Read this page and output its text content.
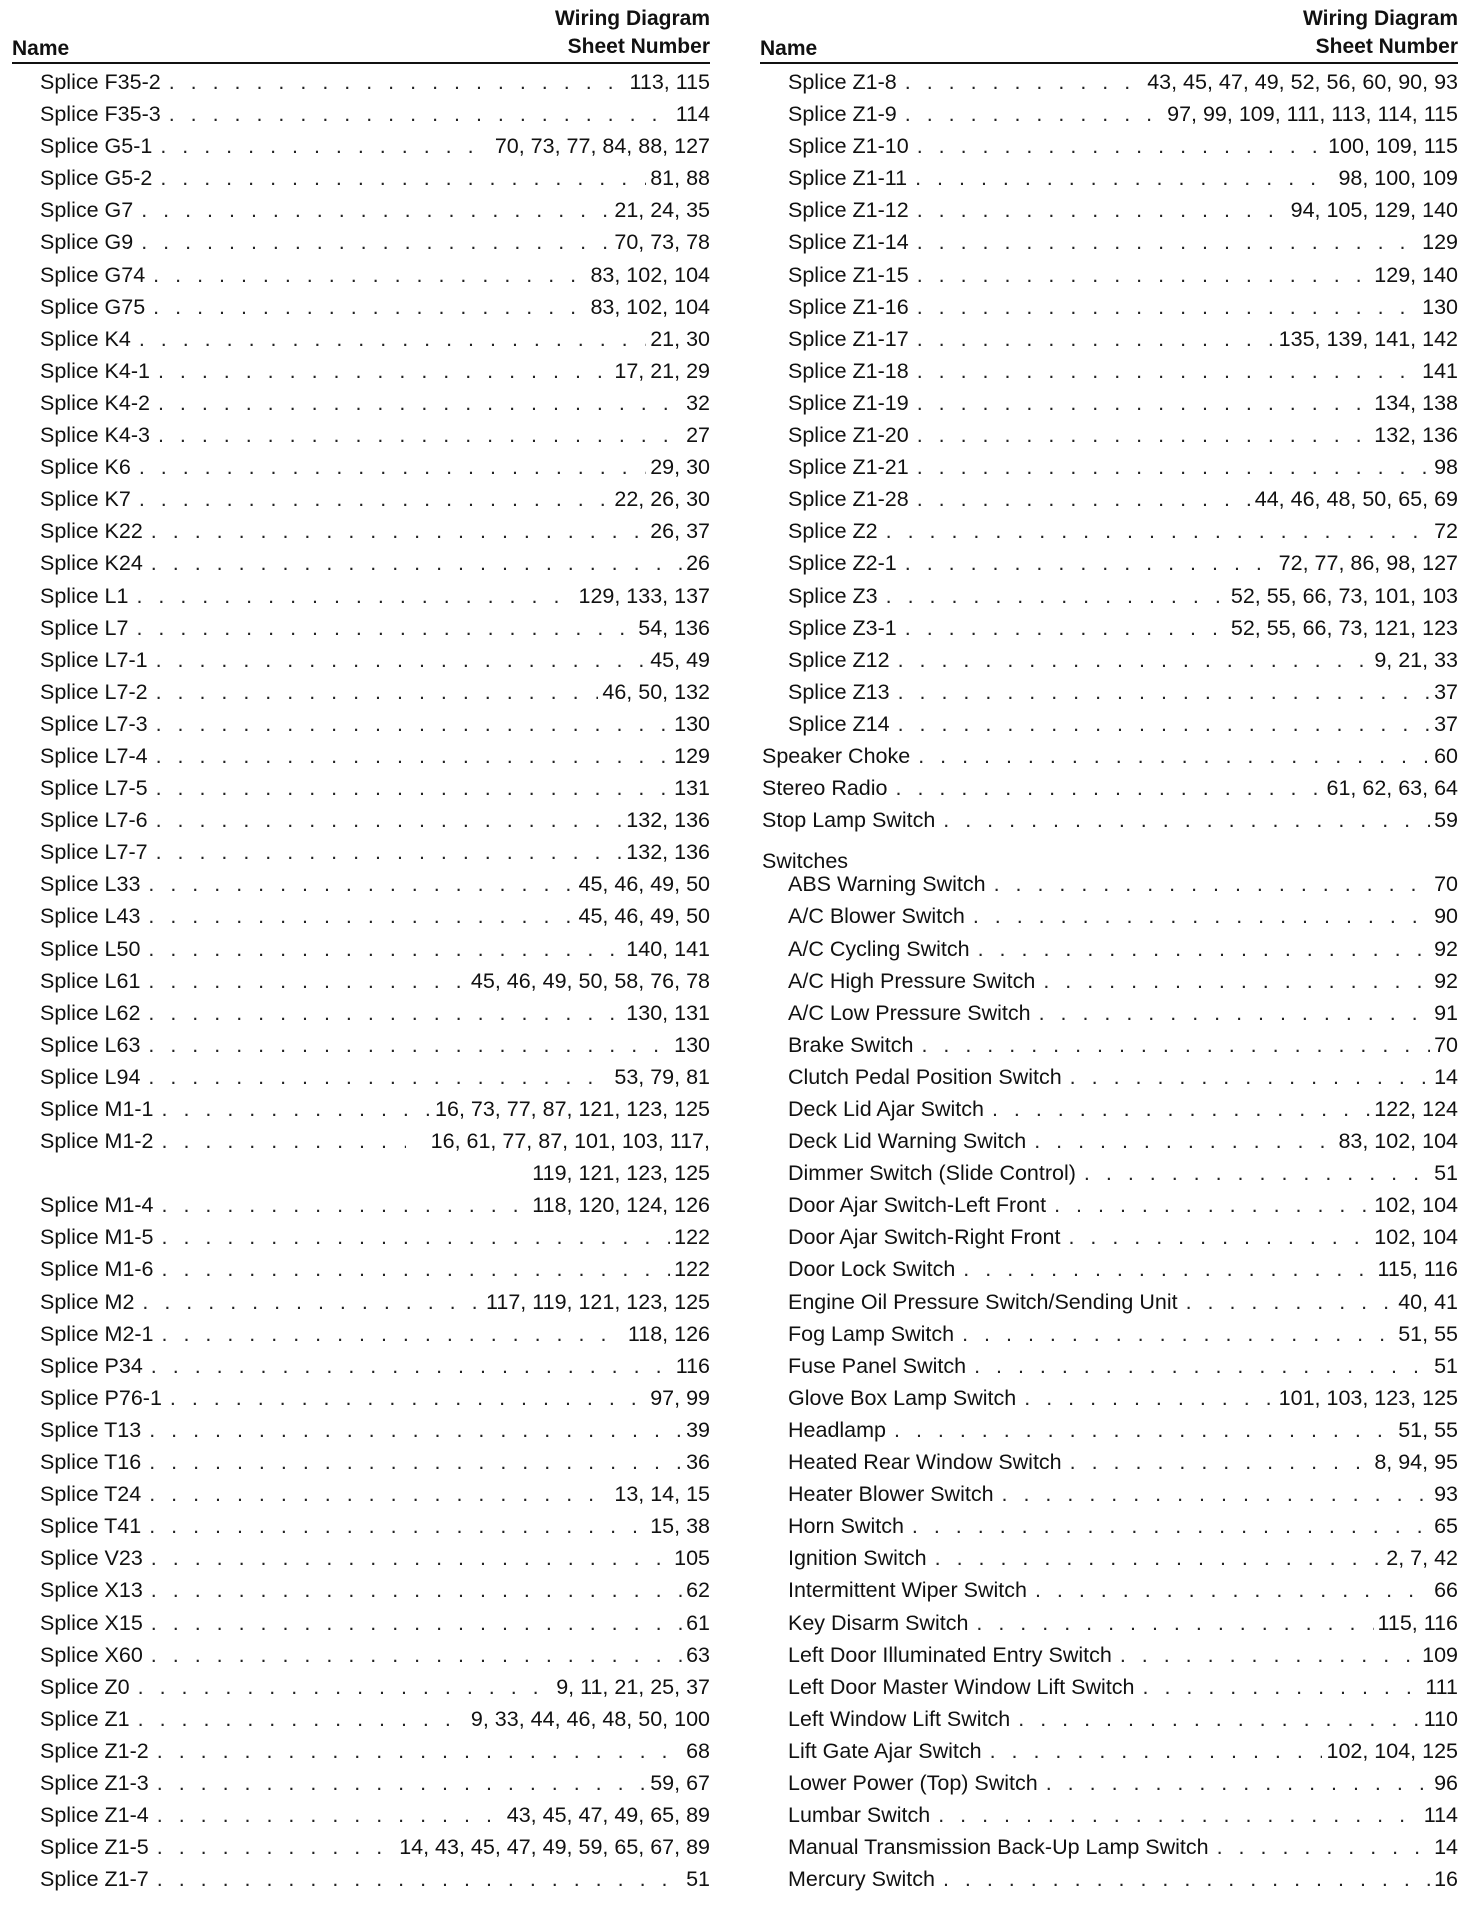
Name
Wiring Diagram
Sheet Number
Splice F35-2 . . .	113, 115
Splice F35-3 . . .	114
Splice G5-1 . . .	70, 73, 77, 84, 88, 127
Splice G5-2 . . .	81, 88
Splice G7 . . .	21, 24, 35
Splice G9 . . .	70, 73, 78
Splice G74 . . .	83, 102, 104
Splice G75 . . .	83, 102, 104
Splice K4 . . .	21, 30
Splice K4-1 . . .	17, 21, 29
Splice K4-2 . . .	32
Splice K4-3 . . .	27
Splice K6 . . .	29, 30
Splice K7 . . .	22, 26, 30
Splice K22 . . .	26, 37
Splice K24 . . .	26
Splice L1 . . .	129, 133, 137
Splice L7 . . .	54, 136
Splice L7-1 . . .	45, 49
Splice L7-2 . . .	46, 50, 132
Splice L7-3 . . .	130
Splice L7-4 . . .	129
Splice L7-5 . . .	131
Splice L7-6 . . .	132, 136
Splice L7-7 . . .	132, 136
Splice L33 . . .	45, 46, 49, 50
Splice L43 . . .	45, 46, 49, 50
Splice L50 . . .	140, 141
Splice L61 . . .	45, 46, 49, 50, 58, 76, 78
Splice L62 . . .	130, 131
Splice L63 . . .	130
Splice L94 . . .	53, 79, 81
Splice M1-1 . . .	16, 73, 77, 87, 121, 123, 125
Splice M1-2 . . .	16, 61, 77, 87, 101, 103, 117, 119, 121, 123, 125
Splice M1-4 . . .	118, 120, 124, 126
Splice M1-5 . . .	122
Splice M1-6 . . .	122
Splice M2 . . .	117, 119, 121, 123, 125
Splice M2-1 . . .	118, 126
Splice P34 . . .	116
Splice P76-1 . . .	97, 99
Splice T13 . . .	39
Splice T16 . . .	36
Splice T24 . . .	13, 14, 15
Splice T41 . . .	15, 38
Splice V23 . . .	105
Splice X13 . . .	62
Splice X15 . . .	61
Splice X60 . . .	63
Splice Z0 . . .	9, 11, 21, 25, 37
Splice Z1 . . .	9, 33, 44, 46, 48, 50, 100
Splice Z1-2 . . .	68
Splice Z1-3 . . .	59, 67
Splice Z1-4 . . .	43, 45, 47, 49, 65, 89
Splice Z1-5 . . .	14, 43, 45, 47, 49, 59, 65, 67, 89
Splice Z1-7 . . .	51
Name
Wiring Diagram
Sheet Number
Splice Z1-8 . . .	43, 45, 47, 49, 52, 56, 60, 90, 93
Splice Z1-9 . . .	97, 99, 109, 111, 113, 114, 115
Splice Z1-10 . . .	100, 109, 115
Splice Z1-11 . . .	98, 100, 109
Splice Z1-12 . . .	94, 105, 129, 140
Splice Z1-14 . . .	129
Splice Z1-15 . . .	129, 140
Splice Z1-16 . . .	130
Splice Z1-17 . . .	135, 139, 141, 142
Splice Z1-18 . . .	141
Splice Z1-19 . . .	134, 138
Splice Z1-20 . . .	132, 136
Splice Z1-21 . . .	98
Splice Z1-28 . . .	44, 46, 48, 50, 65, 69
Splice Z2 . . .	72
Splice Z2-1 . . .	72, 77, 86, 98, 127
Splice Z3 . . .	52, 55, 66, 73, 101, 103
Splice Z3-1 . . .	52, 55, 66, 73, 121, 123
Splice Z12 . . .	9, 21, 33
Splice Z13 . . .	37
Splice Z14 . . .	37
Speaker Choke . . .	60
Stereo Radio . . .	61, 62, 63, 64
Stop Lamp Switch . . .	59
Switches
ABS Warning Switch . . .	70
A/C Blower Switch . . .	90
A/C Cycling Switch . . .	92
A/C High Pressure Switch . . .	92
A/C Low Pressure Switch . . .	91
Brake Switch . . .	70
Clutch Pedal Position Switch . . .	14
Deck Lid Ajar Switch . . .	122, 124
Deck Lid Warning Switch . . .	83, 102, 104
Dimmer Switch (Slide Control) . . .	51
Door Ajar Switch-Left Front . . .	102, 104
Door Ajar Switch-Right Front . . .	102, 104
Door Lock Switch . . .	115, 116
Engine Oil Pressure Switch/Sending Unit . . .	40, 41
Fog Lamp Switch . . .	51, 55
Fuse Panel Switch . . .	51
Glove Box Lamp Switch . . .	101, 103, 123, 125
Headlamp . . .	51, 55
Heated Rear Window Switch . . .	8, 94, 95
Heater Blower Switch . . .	93
Horn Switch . . .	65
Ignition Switch . . .	2, 7, 42
Intermittent Wiper Switch . . .	66
Key Disarm Switch . . .	115, 116
Left Door Illuminated Entry Switch . . .	109
Left Door Master Window Lift Switch . . .	111
Left Window Lift Switch . . .	110
Lift Gate Ajar Switch . . .	102, 104, 125
Lower Power (Top) Switch . . .	96
Lumbar Switch . . .	114
Manual Transmission Back-Up Lamp Switch . . .	14
Mercury Switch . . .	16
